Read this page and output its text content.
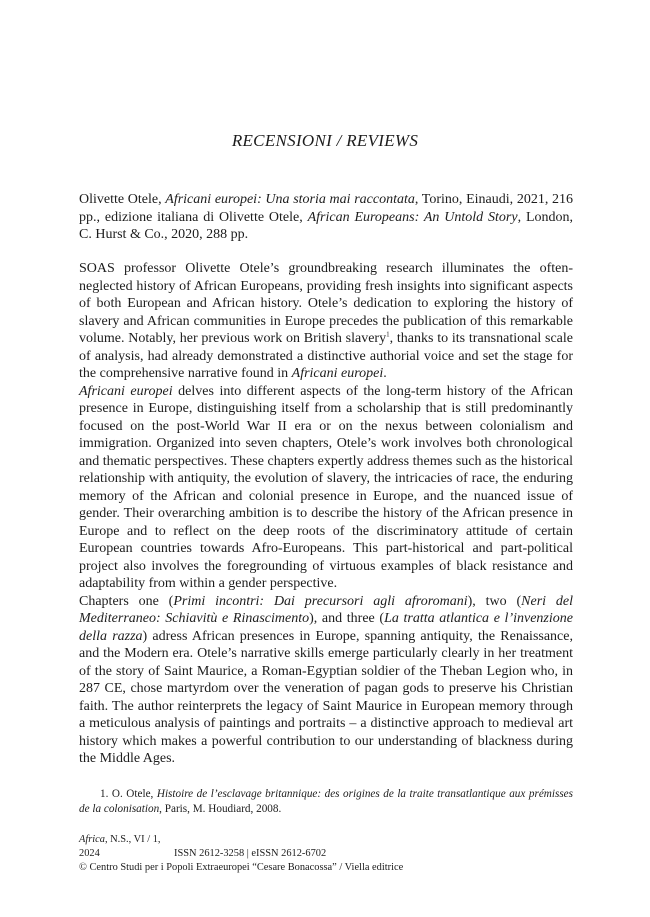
RECENSIONI / REVIEWS
Olivette Otele, Africani europei: Una storia mai raccontata, Torino, Einaudi, 2021, 216 pp., edizione italiana di Olivette Otele, African Europeans: An Untold Story, London, C. Hurst & Co., 2020, 288 pp.

SOAS professor Olivette Otele’s groundbreaking research illuminates the often-neglected history of African Europeans, providing fresh insights into significant aspects of both European and African history. Otele’s dedication to exploring the history of slavery and African communities in Europe precedes the publication of this remarkable volume. Notably, her previous work on British slavery$^1$, thanks to its transnational scale of analysis, had already demonstrated a distinctive authorial voice and set the stage for the comprehensive narrative found in Africani europei.

Africani europei delves into different aspects of the long-term history of the African presence in Europe, distinguishing itself from a scholarship that is still predominantly focused on the post-World War II era or on the nexus between colonialism and immigration. Organized into seven chapters, Otele’s work involves both chronological and thematic perspectives. These chapters expertly address themes such as the historical relationship with antiquity, the evolution of slavery, the intricacies of race, the enduring memory of the African and colonial presence in Europe, and the nuanced issue of gender. Their overarching ambition is to describe the history of the African presence in Europe and to reflect on the deep roots of the discriminatory attitude of certain European countries towards Afro-Europeans. This part-historical and part-political project also involves the foregrounding of virtuous examples of black resistance and adaptability from within a gender perspective.

Chapters one (Primi incontri: Dai precursori agli afroromani), two (Neri del Mediterraneo: Schiavitù e Rinascimento), and three (La tratta atlantica e l’invenzione della razza) adress African presences in Europe, spanning antiquity, the Renaissance, and the Modern era. Otele’s narrative skills emerge particularly clearly in her treatment of the story of Saint Maurice, a Roman-Egyptian soldier of the Theban Legion who, in 287 CE, chose martyrdom over the veneration of pagan gods to preserve his Christian faith. The author reinterprets the legacy of Saint Maurice in European memory through a meticulous analysis of paintings and portraits – a distinctive approach to medieval art history which makes a powerful contribution to our understanding of blackness during the Middle Ages.

1. O. Otele, Histoire de l’esclavage britannique: des origines de la traite transatlantique aux prémisses de la colonisation, Paris, M. Houdiard, 2008.
Africa, N.S., VI / 1, 2024	ISSN 2612-3258 | eISSN 2612-6702
© Centro Studi per i Popoli Extraeuropei “Cesare Bonacossa” / Viella editrice
